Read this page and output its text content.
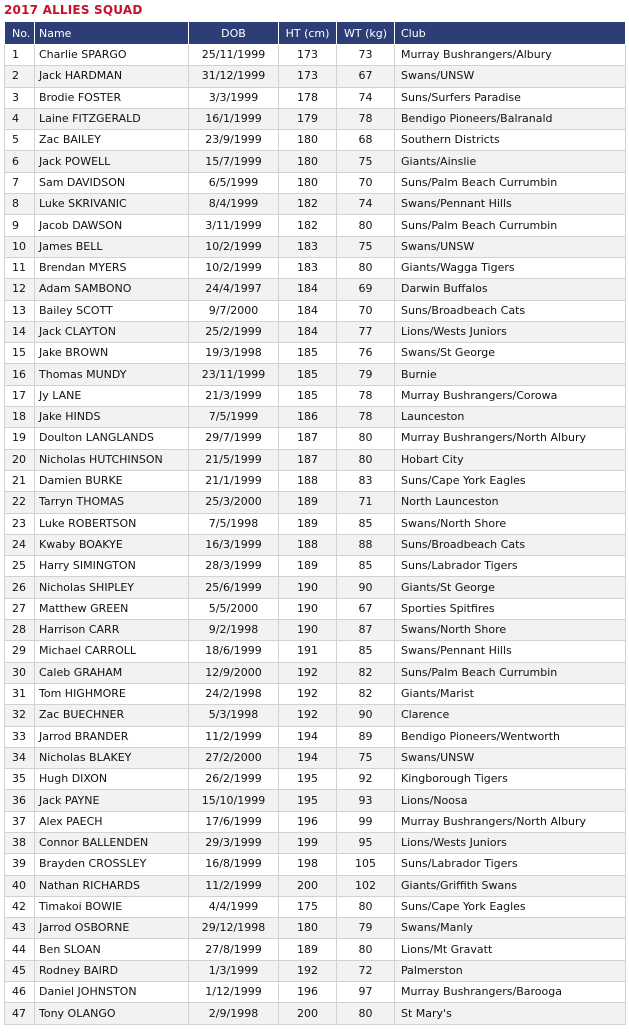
2017 ALLIES SQUAD
No.	Name	DOB	HT (cm)	WT (kg)	Club
1	Charlie SPARGO	25/11/1999	173	73	Murray Bushrangers/Albury
2	Jack HARDMAN	31/12/1999	173	67	Swans/UNSW
3	Brodie FOSTER	3/3/1999	178	74	Suns/Surfers Paradise
4	Laine FITZGERALD	16/1/1999	179	78	Bendigo Pioneers/Balranald
5	Zac BAILEY	23/9/1999	180	68	Southern Districts
6	Jack POWELL	15/7/1999	180	75	Giants/Ainslie
7	Sam DAVIDSON	6/5/1999	180	70	Suns/Palm Beach Currumbin
8	Luke SKRIVANIC	8/4/1999	182	74	Swans/Pennant Hills
9	Jacob DAWSON	3/11/1999	182	80	Suns/Palm Beach Currumbin
10	James BELL	10/2/1999	183	75	Swans/UNSW
11	Brendan MYERS	10/2/1999	183	80	Giants/Wagga Tigers
12	Adam SAMBONO	24/4/1997	184	69	Darwin Buffalos
13	Bailey SCOTT	9/7/2000	184	70	Suns/Broadbeach Cats
14	Jack CLAYTON	25/2/1999	184	77	Lions/Wests Juniors
15	Jake BROWN	19/3/1998	185	76	Swans/St George
16	Thomas MUNDY	23/11/1999	185	79	Burnie
17	Jy LANE	21/3/1999	185	78	Murray Bushrangers/Corowa
18	Jake HINDS	7/5/1999	186	78	Launceston
19	Doulton LANGLANDS	29/7/1999	187	80	Murray Bushrangers/North Albury
20	Nicholas HUTCHINSON	21/5/1999	187	80	Hobart City
21	Damien BURKE	21/1/1999	188	83	Suns/Cape York Eagles
22	Tarryn THOMAS	25/3/2000	189	71	North Launceston
23	Luke ROBERTSON	7/5/1998	189	85	Swans/North Shore
24	Kwaby BOAKYE	16/3/1999	188	88	Suns/Broadbeach Cats
25	Harry SIMINGTON	28/3/1999	189	85	Suns/Labrador Tigers
26	Nicholas SHIPLEY	25/6/1999	190	90	Giants/St George
27	Matthew GREEN	5/5/2000	190	67	Sporties Spitfires
28	Harrison CARR	9/2/1998	190	87	Swans/North Shore
29	Michael CARROLL	18/6/1999	191	85	Swans/Pennant Hills
30	Caleb GRAHAM	12/9/2000	192	82	Suns/Palm Beach Currumbin
31	Tom HIGHMORE	24/2/1998	192	82	Giants/Marist
32	Zac BUECHNER	5/3/1998	192	90	Clarence
33	Jarrod BRANDER	11/2/1999	194	89	Bendigo Pioneers/Wentworth
34	Nicholas BLAKEY	27/2/2000	194	75	Swans/UNSW
35	Hugh DIXON	26/2/1999	195	92	Kingborough Tigers
36	Jack PAYNE	15/10/1999	195	93	Lions/Noosa
37	Alex PAECH	17/6/1999	196	99	Murray Bushrangers/North Albury
38	Connor BALLENDEN	29/3/1999	199	95	Lions/Wests Juniors
39	Brayden CROSSLEY	16/8/1999	198	105	Suns/Labrador Tigers
40	Nathan RICHARDS	11/2/1999	200	102	Giants/Griffith Swans
42	Timakoi BOWIE	4/4/1999	175	80	Suns/Cape York Eagles
43	Jarrod OSBORNE	29/12/1998	180	79	Swans/Manly
44	Ben SLOAN	27/8/1999	189	80	Lions/Mt Gravatt
45	Rodney BAIRD	1/3/1999	192	72	Palmerston
46	Daniel JOHNSTON	1/12/1999	196	97	Murray Bushrangers/Barooga
47	Tony OLANGO	2/9/1998	200	80	St Mary's
